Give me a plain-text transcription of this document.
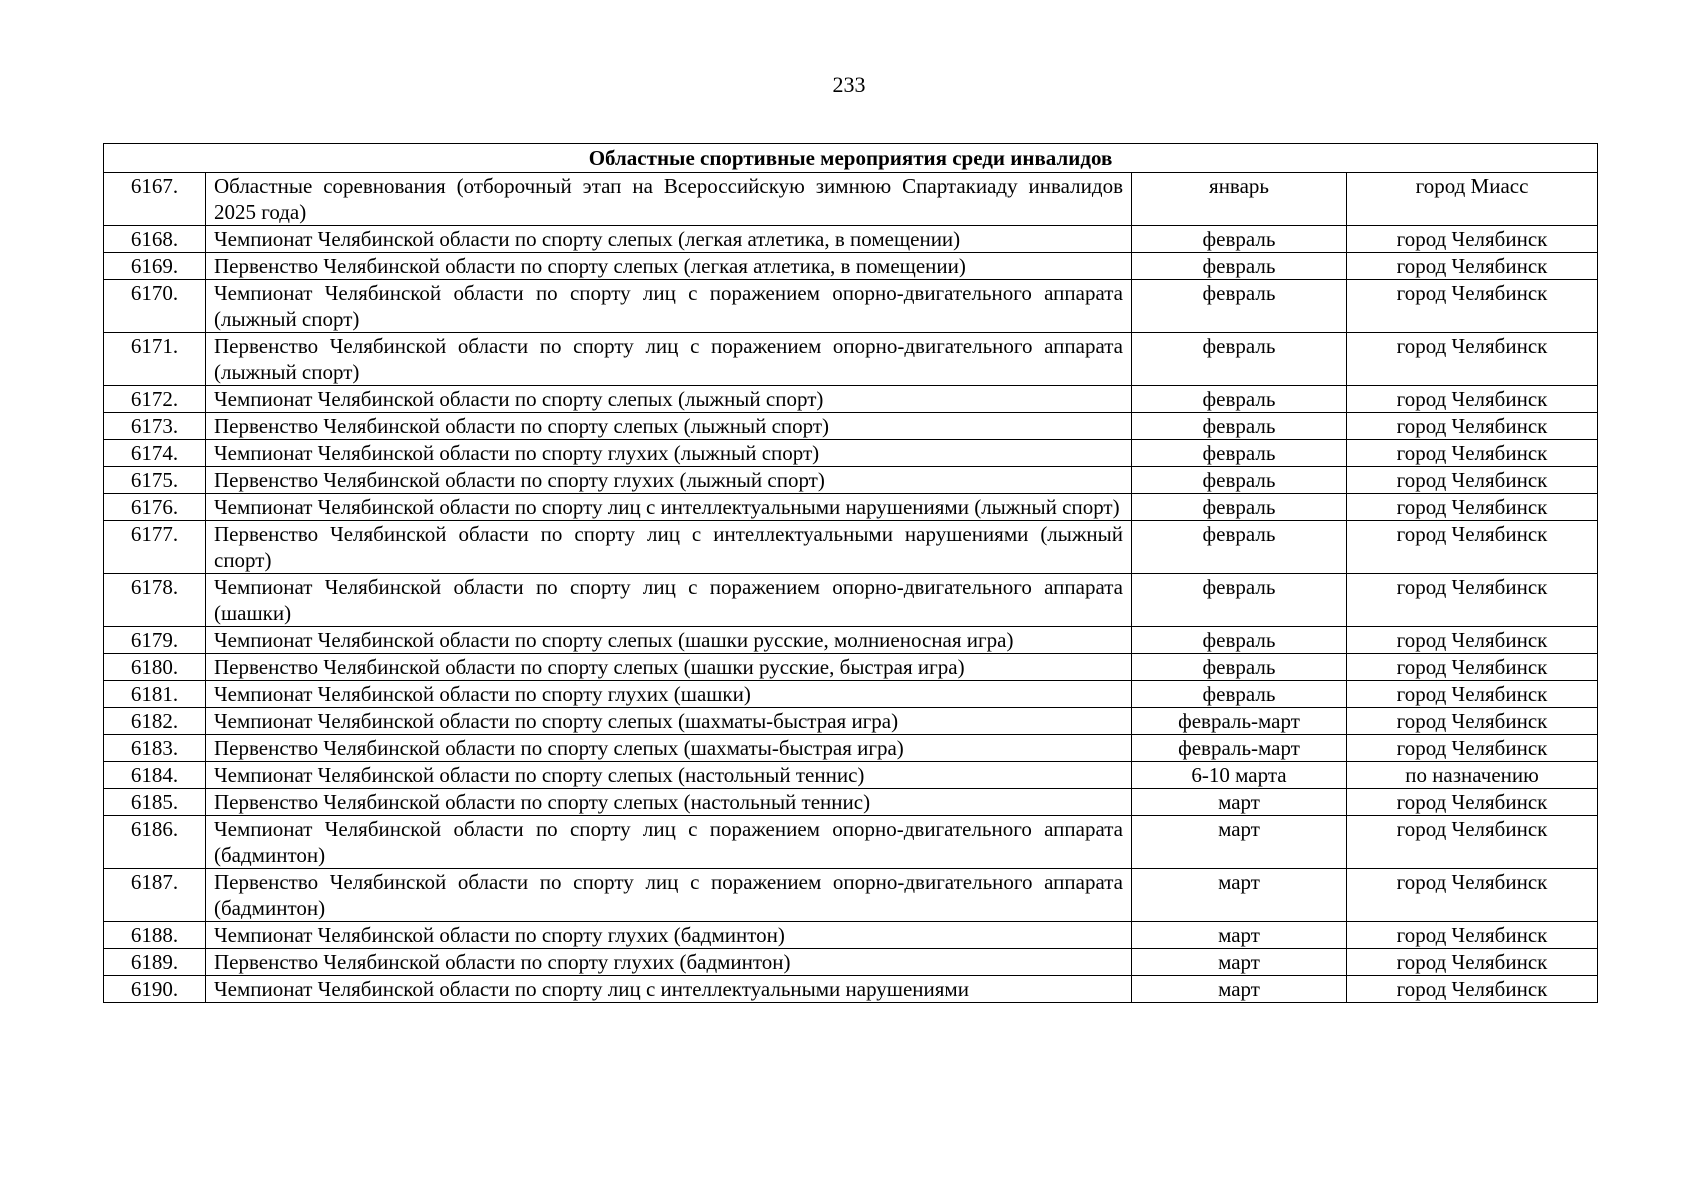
233
Областные спортивные мероприятия среди инвалидов			
6167.	Областные соревнования (отборочный этап на Всероссийскую зимнюю Спартакиаду инвалидов 2025 года)	январь	город Миасс
6168.	Чемпионат Челябинской области по спорту слепых (легкая атлетика, в помещении)	февраль	город Челябинск
6169.	Первенство Челябинской области по спорту слепых (легкая атлетика, в помещении)	февраль	город Челябинск
6170.	Чемпионат Челябинской области по спорту лиц с поражением опорно-двигательного аппарата (лыжный спорт)	февраль	город Челябинск
6171.	Первенство Челябинской области по спорту лиц с поражением опорно-двигательного аппарата (лыжный спорт)	февраль	город Челябинск
6172.	Чемпионат Челябинской области по спорту слепых (лыжный спорт)	февраль	город Челябинск
6173.	Первенство Челябинской области по спорту слепых (лыжный спорт)	февраль	город Челябинск
6174.	Чемпионат Челябинской области по спорту глухих (лыжный спорт)	февраль	город Челябинск
6175.	Первенство Челябинской области по спорту глухих (лыжный спорт)	февраль	город Челябинск
6176.	Чемпионат Челябинской области по спорту лиц с интеллектуальными нарушениями (лыжный спорт)	февраль	город Челябинск
6177.	Первенство Челябинской области по спорту лиц с интеллектуальными нарушениями (лыжный спорт)	февраль	город Челябинск
6178.	Чемпионат Челябинской области по спорту лиц с поражением опорно-двигательного аппарата (шашки)	февраль	город Челябинск
6179.	Чемпионат Челябинской области по спорту слепых (шашки русские, молниеносная игра)	февраль	город Челябинск
6180.	Первенство Челябинской области по спорту слепых (шашки русские, быстрая игра)	февраль	город Челябинск
6181.	Чемпионат Челябинской области по спорту глухих (шашки)	февраль	город Челябинск
6182.	Чемпионат Челябинской области по спорту слепых (шахматы-быстрая игра)	февраль-март	город Челябинск
6183.	Первенство Челябинской области по спорту слепых (шахматы-быстрая игра)	февраль-март	город Челябинск
6184.	Чемпионат Челябинской области по спорту слепых (настольный теннис)	6-10 марта	по назначению
6185.	Первенство Челябинской области по спорту слепых (настольный теннис)	март	город Челябинск
6186.	Чемпионат Челябинской области по спорту лиц с поражением опорно-двигательного аппарата (бадминтон)	март	город Челябинск
6187.	Первенство Челябинской области по спорту лиц с поражением опорно-двигательного аппарата (бадминтон)	март	город Челябинск
6188.	Чемпионат Челябинской области по спорту глухих (бадминтон)	март	город Челябинск
6189.	Первенство Челябинской области по спорту глухих (бадминтон)	март	город Челябинск
6190.	Чемпионат Челябинской области по спорту лиц с интеллектуальными нарушениями	март	город Челябинск
